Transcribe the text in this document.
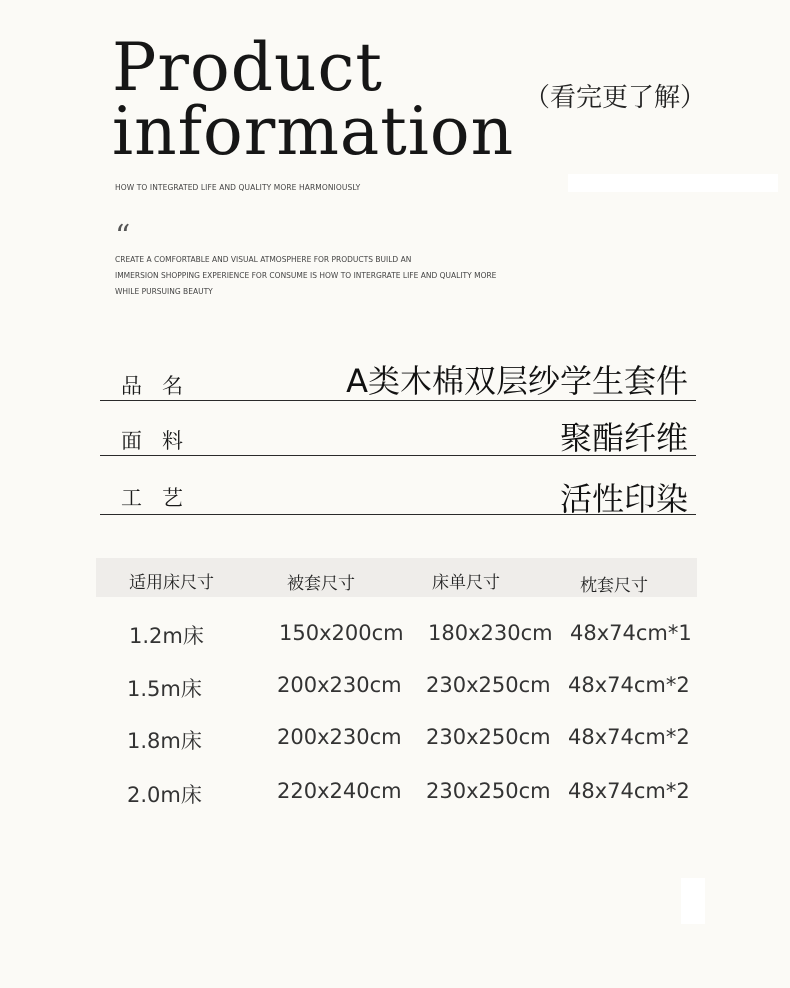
Product
information （看完更了解）
HOW TO INTEGRATED LIFE AND QUALITY MORE HARMONIOUSLY
“
CREATE A COMFORTABLE AND VISUAL ATMOSPHERE FOR PRODUCTS BUILD AN
IMMERSION SHOPPING EXPERIENCE FOR CONSUME IS HOW TO INTERGRATE LIFE AND QUALITY MORE
WHILE PURSUING BEAUTY
品名	A类木棉双层纱学生套件
面料	聚酯纤维
工艺	活性印染
适用床尺寸	被套尺寸	床单尺寸	枕套尺寸
1.2m床	150x200cm 180x230cm 48x74cm*1
1.5m床	200x230cm 230x250cm 48x74cm*2
1.8m床	200x230cm 230x250cm 48x74cm*2
2.0m床	220x240cm 230x250cm 48x74cm*2
